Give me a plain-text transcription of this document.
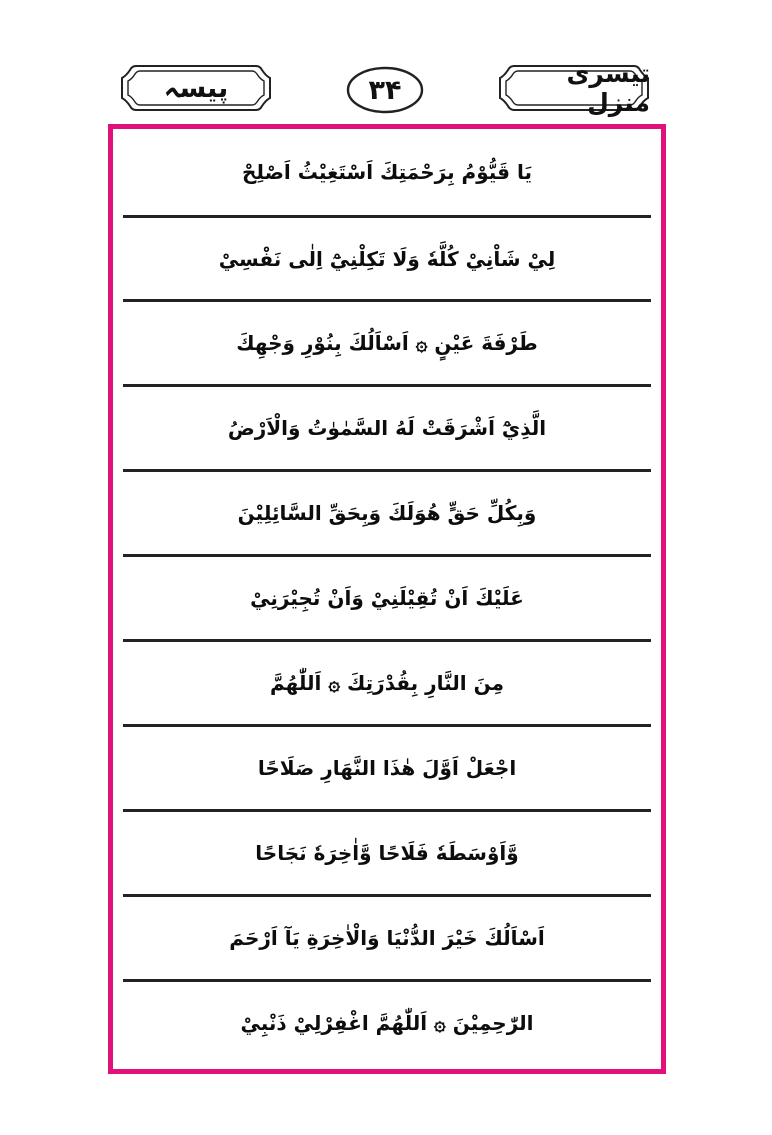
پیسہ	۳۴
تیسری منزل
يَا قَيُّوْمُ بِرَحْمَتِكَ اَسْتَغِيْثُ اَصْلِحْ
لِيْ شَاْنِيْ كُلَّهٗ وَلَا تَكِلْنِيْٓ اِلٰى نَفْسِيْ
طَرْفَةَ عَيْنٍ ۞ اَسْاَلُكَ بِنُوْرِ وَجْهِكَ
الَّذِيْٓ اَشْرَقَتْ لَهُ السَّمٰوٰتُ وَالْاَرْضُ
وَبِكُلِّ حَقٍّ هُوَلَكَ وَبِحَقِّ السَّائِلِيْنَ
عَلَيْكَ اَنْ تُقِيْلَنِيْ وَاَنْ تُجِيْرَنِيْ
مِنَ النَّارِ بِقُدْرَتِكَ ۞ اَللّٰهُمَّ
اجْعَلْ اَوَّلَ هٰذَا النَّهَارِ صَلَاحًا
وَّاَوْسَطَهٗ فَلَاحًا وَّاٰخِرَهٗ نَجَاحًا
اَسْاَلُكَ خَيْرَ الدُّنْيَا وَالْاٰخِرَةِ يَآ اَرْحَمَ
الرّٰحِمِيْنَ ۞ اَللّٰهُمَّ اغْفِرْلِيْ ذَنْبِيْ
